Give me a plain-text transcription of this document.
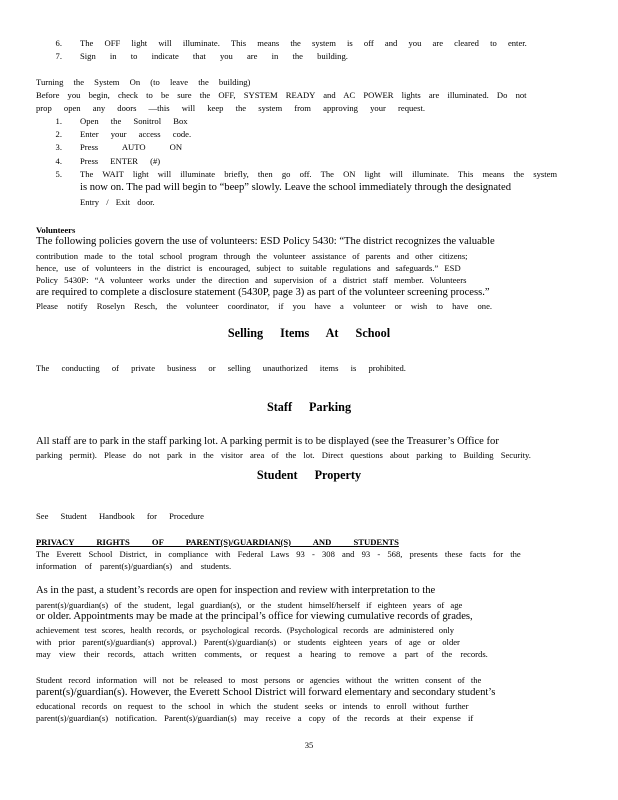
6. The OFF light will illuminate. This means the system is off and you are cleared to enter.
7. Sign in to indicate that you are in the building.
Turning the System On (to leave the building)
Before you begin, check to be sure the OFF, SYSTEM READY and AC POWER lights are illuminated. Do not
prop open any doors —this will keep the system from approving your request.
1. Open the Sonitrol Box
2. Enter your access code.
3. Press AUTO ON
4. Press ENTER (#)
5. The WAIT light will illuminate briefly, then go off. The ON light will illuminate. This means the system
is now on. The pad will begin to “beep” slowly. Leave the school immediately through the designated
Entry / Exit door.
Volunteers
The following policies govern the use of volunteers: ESD Policy 5430: “The district recognizes the valuable
contribution made to the total school program through the volunteer assistance of parents and other citizens;
hence, use of volunteers in the district is encouraged, subject to suitable regulations and safeguards.” ESD
Policy 5430P: “A volunteer works under the direction and supervision of a district staff member. Volunteers
are required to complete a disclosure statement (5430P, page 3) as part of the volunteer screening process.”
Please notify Roselyn Resch, the volunteer coordinator, if you have a volunteer or wish to have one.
Selling Items At School
The conducting of private business or selling unauthorized items is prohibited.
Staff Parking
All staff are to park in the staff parking lot. A parking permit is to be displayed (see the Treasurer’s Office for
parking permit). Please do not park in the visitor area of the lot. Direct questions about parking to Building Security.
Student Property
See Student Handbook for Procedure
PRIVACY RIGHTS OF PARENT(S)/GUARDIAN(S) AND STUDENTS
The Everett School District, in compliance with Federal Laws 93 - 308 and 93 - 568, presents these facts for the
information of parent(s)/guardian(s) and students.
As in the past, a student’s records are open for inspection and review with interpretation to the
parent(s)/guardian(s) of the student, legal guardian(s), or the student himself/herself if eighteen years of age
or older. Appointments may be made at the principal’s office for viewing cumulative records of grades,
achievement test scores, health records, or psychological records. (Psychological records are administered only
with prior parent(s)/guardian(s) approval.) Parent(s)/guardian(s) or students eighteen years of age or older
may view their records, attach written comments, or request a hearing to remove a part of the records.
Student record information will not be released to most persons or agencies without the written consent of the
parent(s)/guardian(s). However, the Everett School District will forward elementary and secondary student’s
educational records on request to the school in which the student seeks or intends to enroll without further
parent(s)/guardian(s) notification. Parent(s)/guardian(s) may receive a copy of the records at their expense if
35
